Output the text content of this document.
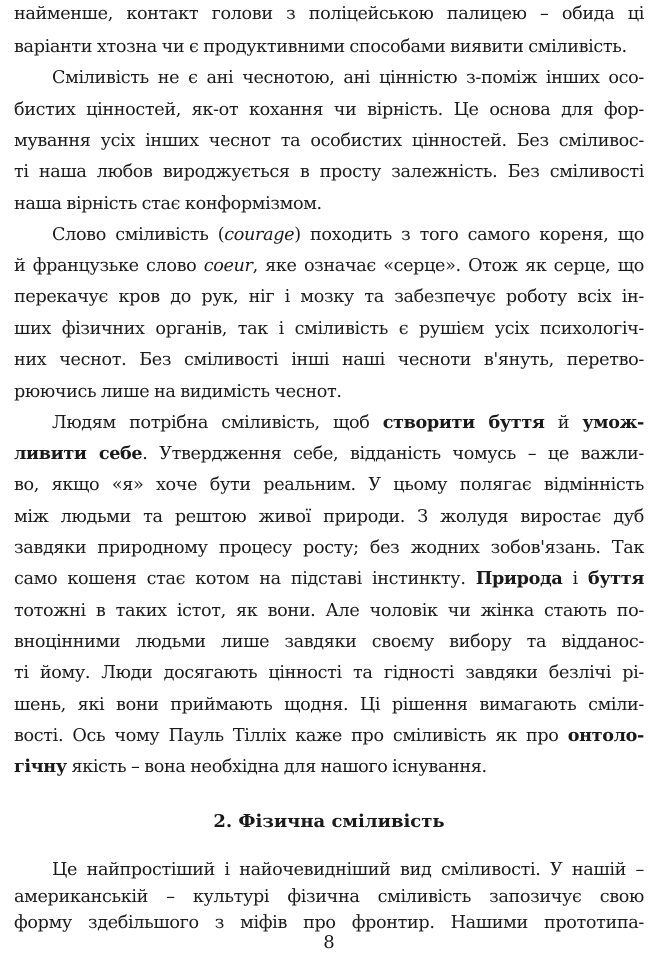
найменше, контакт голови з поліцейською палицею – обида ці

варіанти хтозна чи є продуктивними способами виявити сміливість.

Сміливість не є ані чеснотою, ані цінністю з-поміж інших осо-

бистих цінностей, як-от кохання чи вірність. Це основа для фор-

мування усіх інших чеснот та особистих цінностей. Без сміливос-

ті наша любов вироджується в просту залежність. Без сміливості

наша вірність стає конформізмом.

Слово сміливість (courage) походить з того самого кореня, що

й французьке слово coeur, яке означає «серце». Отож як серце, що

перекачує кров до рук, ніг і мозку та забезпечує роботу всіх ін-

ших фізичних органів, так і сміливість є рушієм усіх психологіч-

них чеснот. Без сміливості інші наші чесноти в'януть, перетво-

рюючись лише на видимість чеснот.

Людям потрібна сміливість, щоб створити буття й умож-

ливити себе. Утвердження себе, відданість чомусь – це важли-

во, якщо «я» хоче бути реальним. У цьому полягає відмінність

між людьми та рештою живої природи. З жолудя виростає дуб

завдяки природному процесу росту; без жодних зобов'язань. Так

само кошеня стає котом на підставі інстинкту. Природа і буття

тотожні в таких істот, як вони. Але чоловік чи жінка стають по-

вноцінними людьми лише завдяки своєму вибору та відданос-

ті йому. Люди досягають цінності та гідності завдяки безлічі рі-

шень, які вони приймають щодня. Ці рішення вимагають сміли-

вості. Ось чому Пауль Тілліх каже про сміливість як про онтоло-

гічну якість – вона необхідна для нашого існування.

2. Фізична сміливість

Це найпростіший і найочевидніший вид сміливості. У нашій –

американській – культурі фізична сміливість запозичує свою

форму здебільшого з міфів про фронтир. Нашими прототипа-

8
